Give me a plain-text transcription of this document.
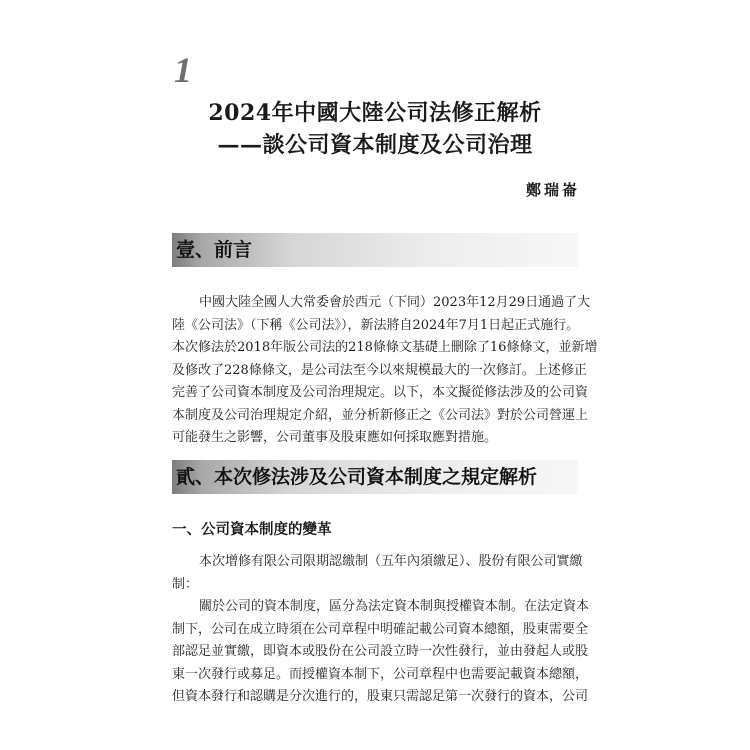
1
2024年中國大陸公司法修正解析
——談公司資本制度及公司治理
鄭瑞崙
壹、前言
中國大陸全國人大常委會於西元（下同）2023年12月29日通過了大
陸《公司法》（下稱《公司法》），新法將自2024年7月1日起正式施行。
本次修法於2018年版公司法的218條條文基礎上刪除了16條條文，並新增
及修改了228條條文，是公司法至今以來規模最大的一次修訂。上述修正
完善了公司資本制度及公司治理規定。以下，本文擬從修法涉及的公司資
本制度及公司治理規定介紹，並分析新修正之《公司法》對於公司營運上
可能發生之影響，公司董事及股東應如何採取應對措施。
貳、本次修法涉及公司資本制度之規定解析
一、公司資本制度的變革
本次增修有限公司限期認繳制（五年內須繳足）、股份有限公司實繳
制：
關於公司的資本制度，區分為法定資本制與授權資本制。在法定資本
制下，公司在成立時須在公司章程中明確記載公司資本總額，股東需要全
部認足並實繳，即資本或股份在公司設立時一次性發行，並由發起人或股
東一次發行或募足。而授權資本制下，公司章程中也需要記載資本總額，
但資本發行和認購是分次進行的，股東只需認足第一次發行的資本，公司
